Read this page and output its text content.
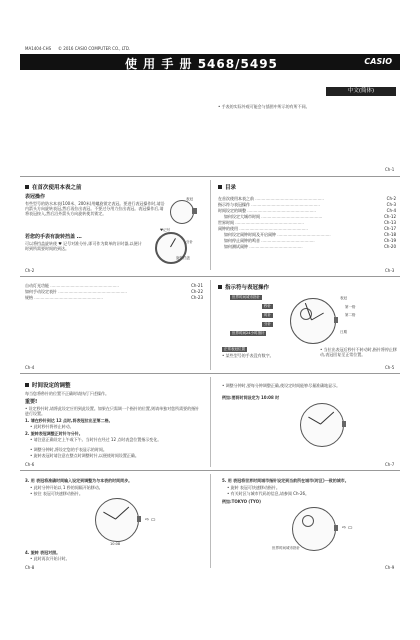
MA1404-CHS © 2016 CASIO COMPUTER CO., LTD.
使 用 手 册 5468/5495	CASIO
中文(简体)
• 手表的实际外观可能会与插图中所示的有所不同。
Ch-1
在首次使用本表之前
表冠操作
有些型号的防水本表(100米、200米)用螺旋锁定表冠。要进行表冠操作时,请沿内箭头方向旋转表冠,然后再拉出表冠。不要过分用力拉出表冠。表冠操作后,请将表冠按入,然后沿外箭头方向旋转使其锁定。
表冠
若您的手表有旋转挡盖 …
可以将挡盖旋转使 ♥ 记号对准分针,即可作为简单的计时器,以便计时到所需要时间的到达。
♥记号
分针
旋转挡盖
Ch-2
目录
在首次使用本表之前 ......................................................	Ch-2
指示符与表冠操作 ......................................................	Ch-3
时间设定的调整 ......................................................	Ch-4
如何设定大城市时间 ................................................	Ch-12
世界时间 ......................................................	Ch-13
闹钟的使用 ......................................................	Ch-17
如何设定闹钟时间及开启闹钟 ..........................................	Ch-18
如何停止闹钟的鸣音 ..........................................	Ch-19
如何测试闹钟 ..........................................	Ch-20
Ch-3
自动灯光功能 ......................................................	Ch-21
如何手动设定表针 ......................................................	Ch-22
规格 ......................................................	Ch-23
Ch-4
指示符与表冠操作
世界时间城市指针	表冠
秒针
时针
分针
世界时间24小时指针	日期
第一格
第二格
正常表冠位置
• 某些型号的手表没有数字。
• 当拉出表冠后秒针不转动时,指针将停止移动,表冠回复至正常位置。
Ch-5
时间设定的调整
每当您将秒针的位置不正确时请执行下述操作。
重要!
• 设定秒针时,请将此设定应用到此设置。如果在只需调一个指针的位置,则请单独对您所需要的指针进行设置。
1. 请在秒针到达 12 点时,将表冠拉出至第二格。
• 此时秒针将停止转动。
2. 旋转表冠调整正时针与分针。
• 请注意正确设定上午或下午。当时针在经过 12 点时表盘位置指示变化。
• 调整分钟时,将设定您的手表显示的时间。
• 旋转表冠时请注意在整点时调整时针,以便使时间设置正确。
Ch-6
• 调整分钟时,要每分钟调整正确,使设定时间能够尽量准确地显示。
例如:要将时间设定为 10:08 时
Ch-7
3. 用 表冠将准确时间输入设定到调整为与本表的时间同步。
• 此时分钟开始以 1 秒的间隔开始移动。
• 按住 表冠可快速移动指针。
⇨ ▭
10:08
4. 旋转 表冠对照。
• 此时再次开始计时。
Ch-8
5. 用 表冠将世界时间城市指针设定到当前所在城市(时区)一致的城市。
• 旋转 表冠可快速移动指针。
• 有关时区与城市代码的信息,请参阅 Ch-26。
例如:TOKYO (TYO)
⇨ ▭
世界时间城市指针
Ch-9
